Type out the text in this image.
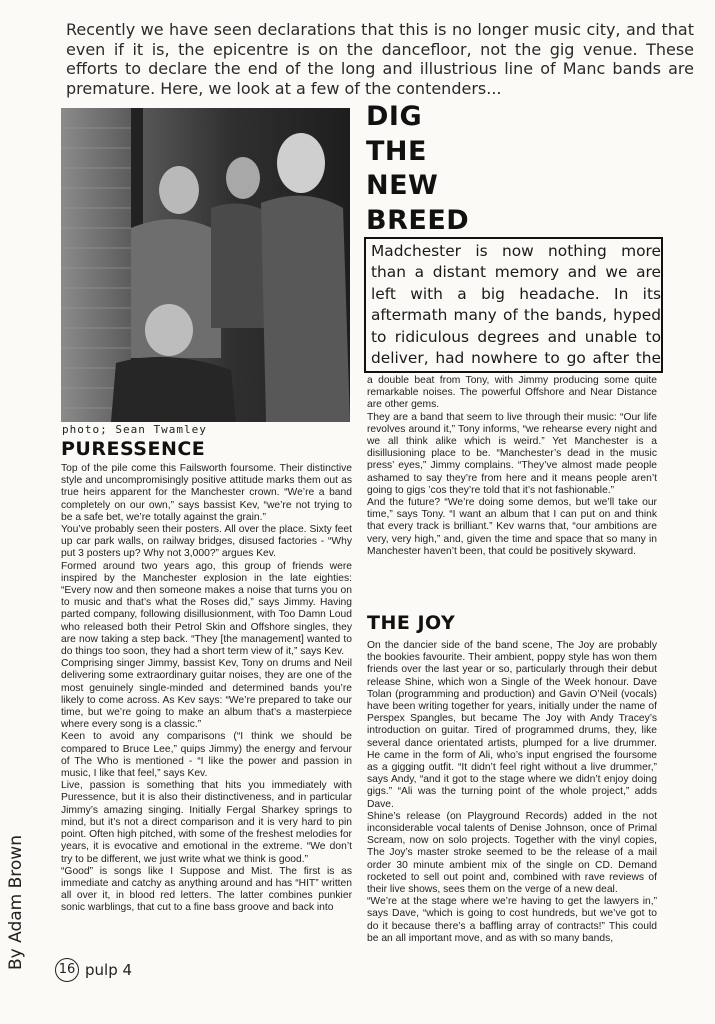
Recently we have seen declarations that this is no longer music city, and that even if it is, the epicentre is on the dancefloor, not the gig venue. These efforts to declare the end of the long and illustrious line of Manc bands are premature. Here, we look at a few of the contenders...
photo; Sean Twamley
DIG
THE
NEW
BREED
Madchester is now nothing more than a distant memory and we are left with a big headache. In its aftermath many of the bands, hyped to ridiculous degrees and unable to deliver, had nowhere to go after the
PURESSENCE

Top of the pile come this Failsworth foursome. Their distinctive style and uncompromisingly positive attitude marks them out as true heirs apparent for the Manchester crown. “We’re a band completely on our own,” says bassist Kev, “we’re not trying to be a safe bet, we’re totally against the grain.”

You’ve probably seen their posters. All over the place. Sixty feet up car park walls, on railway bridges, disused factories - “Why put 3 posters up? Why not 3,000?” argues Kev.

Formed around two years ago, this group of friends were inspired by the Manchester explosion in the late eighties: “Every now and then someone makes a noise that turns you on to music and that’s what the Roses did,” says Jimmy. Having parted company, following disillusionment, with Too Damn Loud who released both their Petrol Skin and Offshore singles, they are now taking a step back. “They [the management] wanted to do things too soon, they had a short term view of it,” says Kev.

Comprising singer Jimmy, bassist Kev, Tony on drums and Neil delivering some extraordinary guitar noises, they are one of the most genuinely single-minded and determined bands you’re likely to come across. As Kev says: “We’re prepared to take our time, but we’re going to make an album that’s a masterpiece where every song is a classic.”

Keen to avoid any comparisons (“I think we should be compared to Bruce Lee,” quips Jimmy) the energy and fervour of The Who is mentioned - “I like the power and passion in music, I like that feel,” says Kev.

Live, passion is something that hits you immediately with Puressence, but it is also their distinctiveness, and in particular Jimmy’s amazing singing. Initially Fergal Sharkey springs to mind, but it’s not a direct comparison and it is very hard to pin point. Often high pitched, with some of the freshest melodies for years, it is evocative and emotional in the extreme. “We don’t try to be different, we just write what we think is good.”

“Good” is songs like I Suppose and Mist. The first is as immediate and catchy as anything around and has “HIT” written all over it, in blood red letters. The latter combines punkier sonic warblings, that cut to a fine bass groove and back into

a double beat from Tony, with Jimmy producing some quite remarkable noises. The powerful Offshore and Near Distance are other gems.

They are a band that seem to live through their music: “Our life revolves around it,” Tony informs, “we rehearse every night and we all think alike which is weird.” Yet Manchester is a disillusioning place to be. “Manchester’s dead in the music press’ eyes,” Jimmy complains. “They’ve almost made people ashamed to say they’re from here and it means people aren’t going to gigs ’cos they’re told that it’s not fashionable.”

And the future? “We’re doing some demos, but we’ll take our time,” says Tony. “I want an album that I can put on and think that every track is brilliant.” Kev warns that, “our ambitions are very, very high,” and, given the time and space that so many in Manchester haven’t been, that could be positively skyward.

THE JOY

On the dancier side of the band scene, The Joy are probably the bookies favourite. Their ambient, poppy style has won them friends over the last year or so, particularly through their debut release Shine, which won a Single of the Week honour. Dave Tolan (programming and production) and Gavin O’Neil (vocals) have been writing together for years, initially under the name of Perspex Spangles, but became The Joy with Andy Tracey’s introduction on guitar. Tired of programmed drums, they, like several dance orientated artists, plumped for a live drummer. He came in the form of Ali, who’s input engrised the foursome as a gigging outfit. “It didn’t feel right without a live drummer,” says Andy, “and it got to the stage where we didn’t enjoy doing gigs.” “Ali was the turning point of the whole project,” adds Dave.

Shine’s release (on Playground Records) added in the not inconsiderable vocal talents of Denise Johnson, once of Primal Scream, now on solo projects. Together with the vinyl copies, The Joy’s master stroke seemed to be the release of a mail order 30 minute ambient mix of the single on CD. Demand rocketed to sell out point and, combined with rave reviews of their live shows, sees them on the verge of a new deal.

“We’re at the stage where we’re having to get the lawyers in,” says Dave, “which is going to cost hundreds, but we’ve got to do it because there’s a baffling array of contracts!” This could be an all important move, and as with so many bands,

By Adam Brown	16 pulp 4
